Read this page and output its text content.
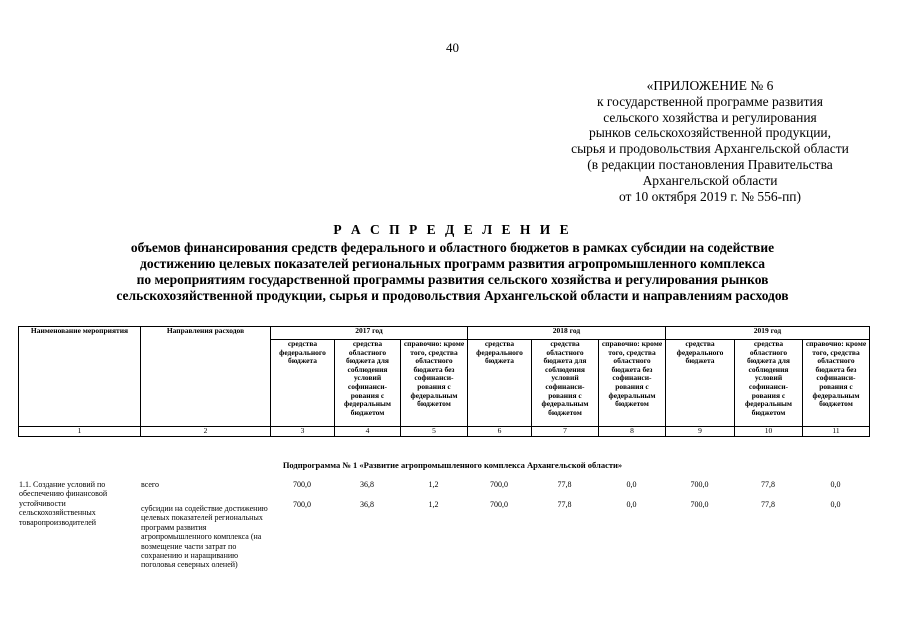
40
«ПРИЛОЖЕНИЕ № 6
к государственной программе развития
сельского хозяйства и регулирования
рынков сельскохозяйственной продукции,
сырья и продовольствия Архангельской области
(в редакции постановления Правительства
Архангельской области
от 10 октября 2019 г. № 556-пп)
Р А С П Р Е Д Е Л Е Н И Е
объемов финансирования средств федерального и областного бюджетов в рамках субсидии на содействие
достижению целевых показателей региональных программ развития агропромышленного комплекса
по мероприятиям государственной программы развития сельского хозяйства и регулирования рынков
сельскохозяйственной продукции, сырья и продовольствия Архангельской области и направлениям расходов
Наименование мероприятия	Направления расходов	2017 год			2018 год			2019 год		
		средства федерального бюджета	средства областного бюджета для соблюдения условий софинанси-рования с федеральным бюджетом	справочно: кроме того, средства областного бюджета без софинанси-рования с федеральным бюджетом	средства федерального бюджета	средства областного бюджета для соблюдения условий софинанси-рования с федеральным бюджетом	справочно: кроме того, средства областного бюджета без софинанси-рования с федеральным бюджетом	средства федерального бюджета	средства областного бюджета для соблюдения условий софинанси-рования с федеральным бюджетом	справочно: кроме того, средства областного бюджета без софинанси-рования с федеральным бюджетом
1	2	3	4	5	6	7	8	9	10	11
Подпрограмма № 1 «Развитие агропромышленного комплекса Архангельской области»
1.1. Создание условий по обеспечению финансовой устойчивости сельскохозяйственных товаропроизводителей	всего	700,0	36,8	1,2	700,0	77,8	0,0	700,0	77,8	0,0
	субсидии на содействие достижению целевых показателей региональных программ развития агропромышленного комплекса (на возмещение части затрат по сохранению и наращиванию поголовья северных оленей)	700,0	36,8	1,2	700,0	77,8	0,0	700,0	77,8	0,0
